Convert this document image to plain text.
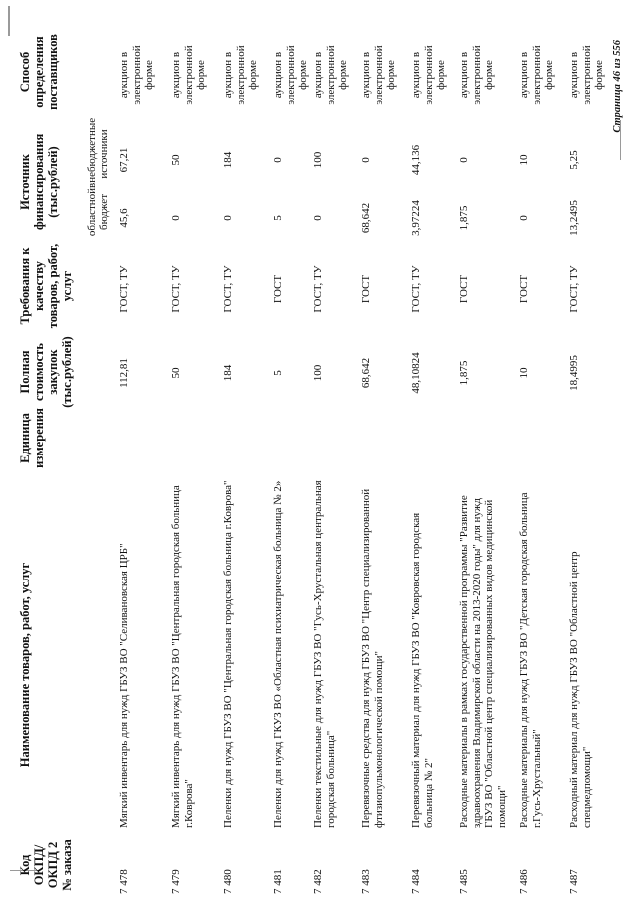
Код ОКПД/ ОКПД 2 № заказа
Наименование товаров, работ, услуг
Единица измерения
Полная стоимость закупок (тыс.рублей)
Требования к качеству товаров, работ, услуг
Источник финансирования (тыс.рублей) областной бюджет
внебюджетные источники
Способ определения поставщиков
7 478
Мягкий инвентарь для нужд ГБУЗ ВО "Селивановская ЦРБ"
112,81
ГОСТ, ТУ
45,6
67,21
аукцион в электронной форме
7 479
Мягкий инвентарь для нужд ГБУЗ ВО "Центральная городская больница г.Коврова"
50
ГОСТ, ТУ
0
50
аукцион в электронной форме
7 480
Пеленки для нужд ГБУЗ ВО "Центральная городская больница г.Коврова"
184
ГОСТ, ТУ
0
184
аукцион в электронной форме
7 481
Пеленки для нужд ГКУЗ ВО «Областная психиатрическая больница № 2»
5
ГОСТ
5
0
аукцион в электронной форме
7 482
Пеленки текстильные для нужд ГБУЗ ВО "Гусь-Хрустальная центральная городская больница"
100
ГОСТ, ТУ
0
100
аукцион в электронной форме
7 483
Перевязочные средства для нужд ГБУЗ ВО "Центр специализированной фтизиопульмонологической помощи"
68,642
ГОСТ
68,642
0
аукцион в электронной форме
7 484
Перевязочный материал для нужд ГБУЗ ВО "Ковровская городская больница № 2"
48,10824
ГОСТ, ТУ
3,97224
44,136
аукцион в электронной форме
7 485
Расходные материалы в рамках государственной программы "Развитие здравоохранения Владимирской области на 2013-2020 годы" для нужд ГБУЗ ВО "Областной центр специализированных видов медицинской помощи"
1,875
ГОСТ
1,875
0
аукцион в электронной форме
7 486
Расходные материалы для нужд ГБУЗ ВО "Детская городская больница г.Гусь-Хрустальный"
10
ГОСТ
0
10
аукцион в электронной форме
7 487
Расходный материал для нужд ГБУЗ ВО "Областной центр спецмедпомощи"
18,4995
ГОСТ, ТУ
13,2495
5,25
аукцион в электронной форме Страница 46 из 556
